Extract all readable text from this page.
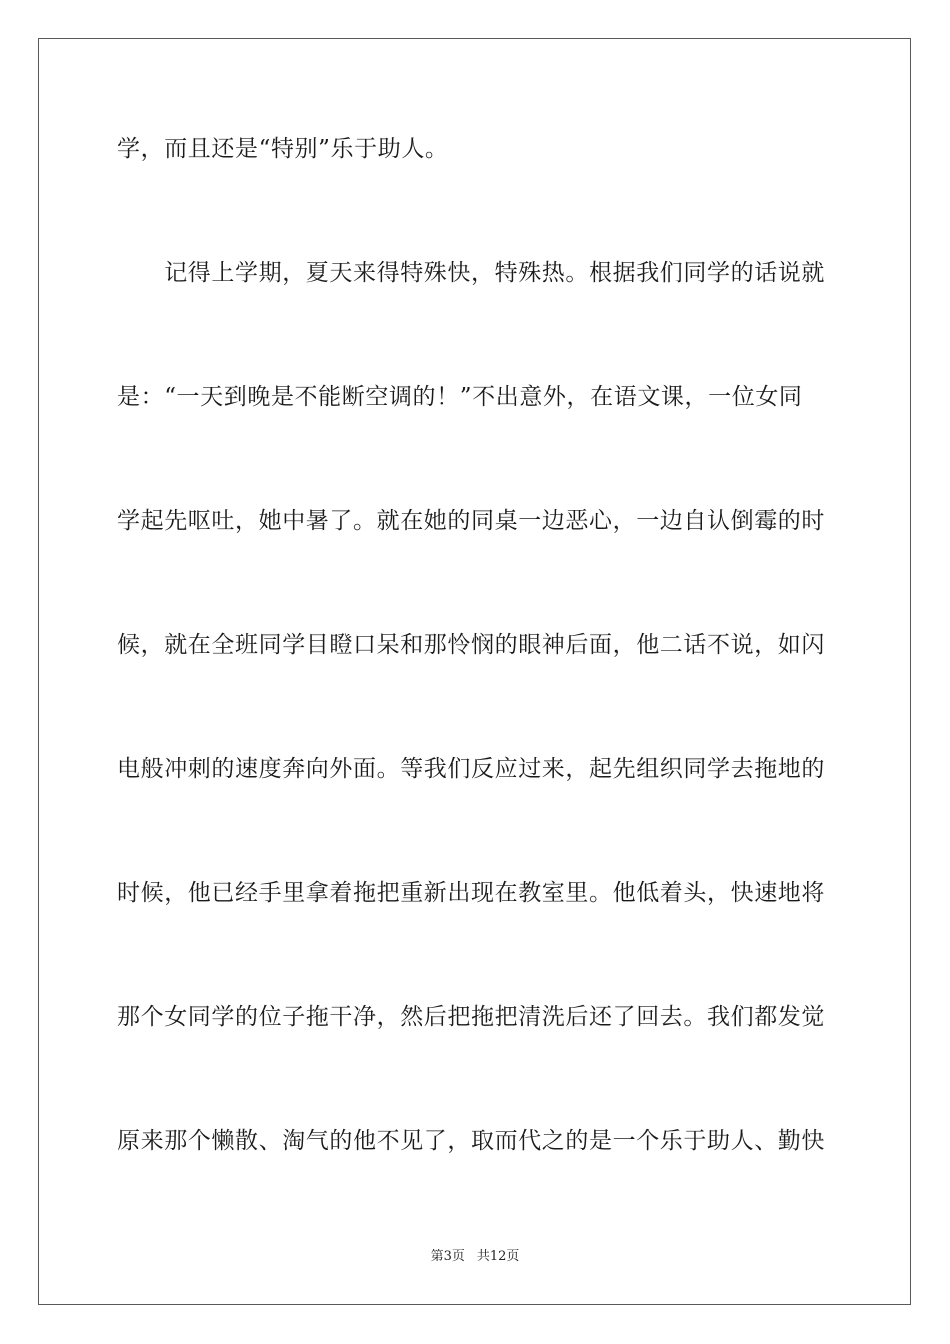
学，而且还是“特别”乐于助人。
　　记得上学期，夏天来得特殊快，特殊热。根据我们同学的话说就
是：“一天到晚是不能断空调的！”不出意外，在语文课，一位女同
学起先呕吐，她中暑了。就在她的同桌一边恶心，一边自认倒霉的时
候，就在全班同学目瞪口呆和那怜悯的眼神后面，他二话不说，如闪
电般冲刺的速度奔向外面。等我们反应过来，起先组织同学去拖地的
时候，他已经手里拿着拖把重新出现在教室里。他低着头，快速地将
那个女同学的位子拖干净，然后把拖把清洗后还了回去。我们都发觉
原来那个懒散、淘气的他不见了，取而代之的是一个乐于助人、勤快
第3页 共12页
